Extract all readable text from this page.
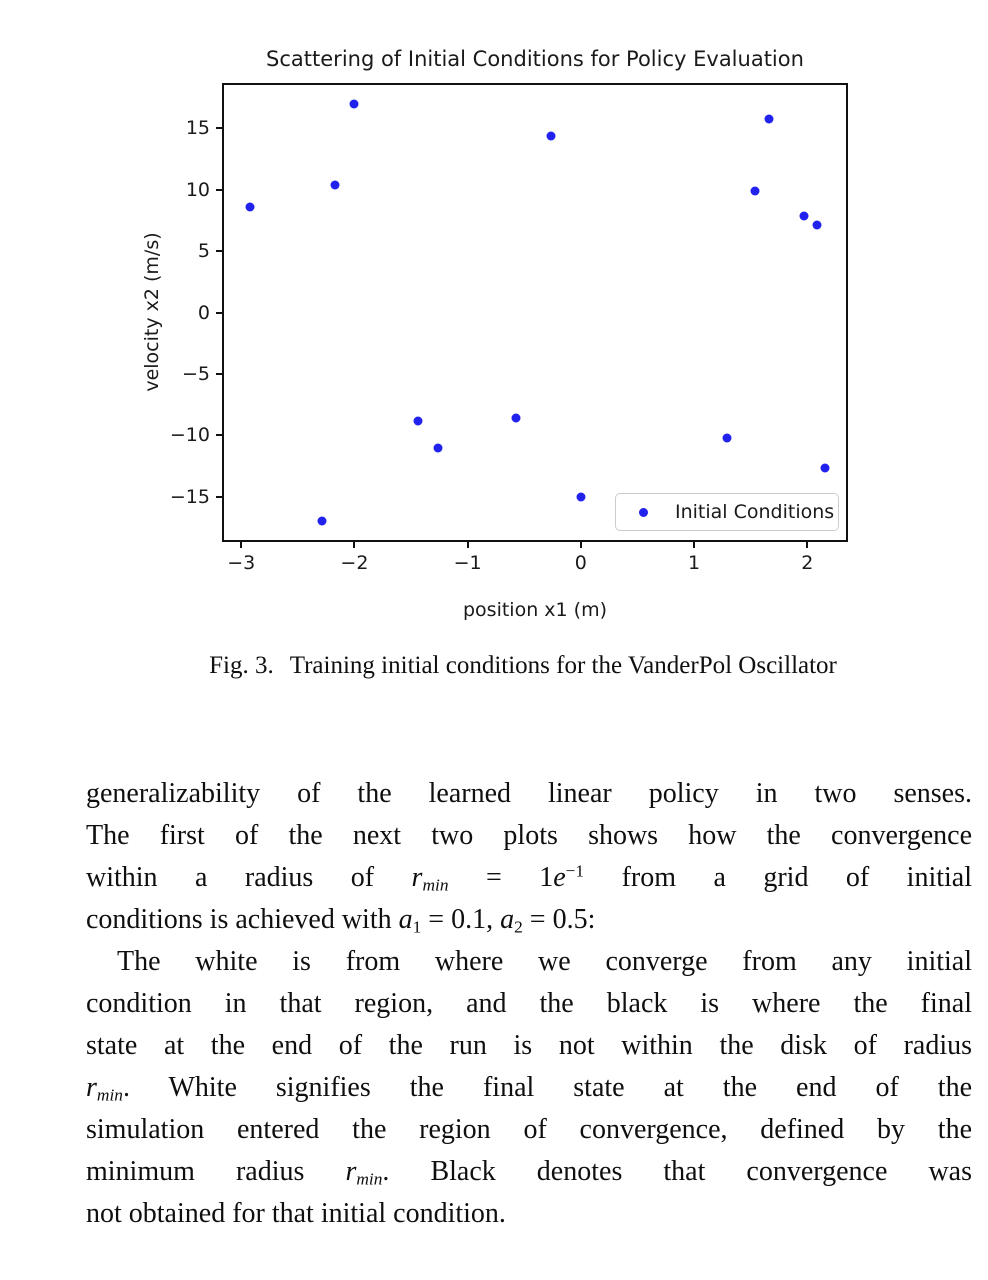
Scattering of Initial Conditions for Policy Evaluation
−3	−2	−1	0	1	2
15
10
5
0
−5
−10
−15
position x1 (m)
velocity x2 (m/s)
Initial Conditions
Fig. 3. Training initial conditions for the VanderPol Oscillator
generalizability of the learned linear policy in two senses.
The first of the next two plots shows how the convergence
within a radius of $r_{min} = 1e^{-1}$ from a grid of initial
conditions is achieved with $a_1 = 0.1$, $a_2 = 0.5$:
The white is from where we converge from any initial
condition in that region, and the black is where the final
state at the end of the run is not within the disk of radius
$r_{min}$. White signifies the final state at the end of the
simulation entered the region of convergence, defined by the
minimum radius $r_{min}$. Black denotes that convergence was
not obtained for that initial condition.
